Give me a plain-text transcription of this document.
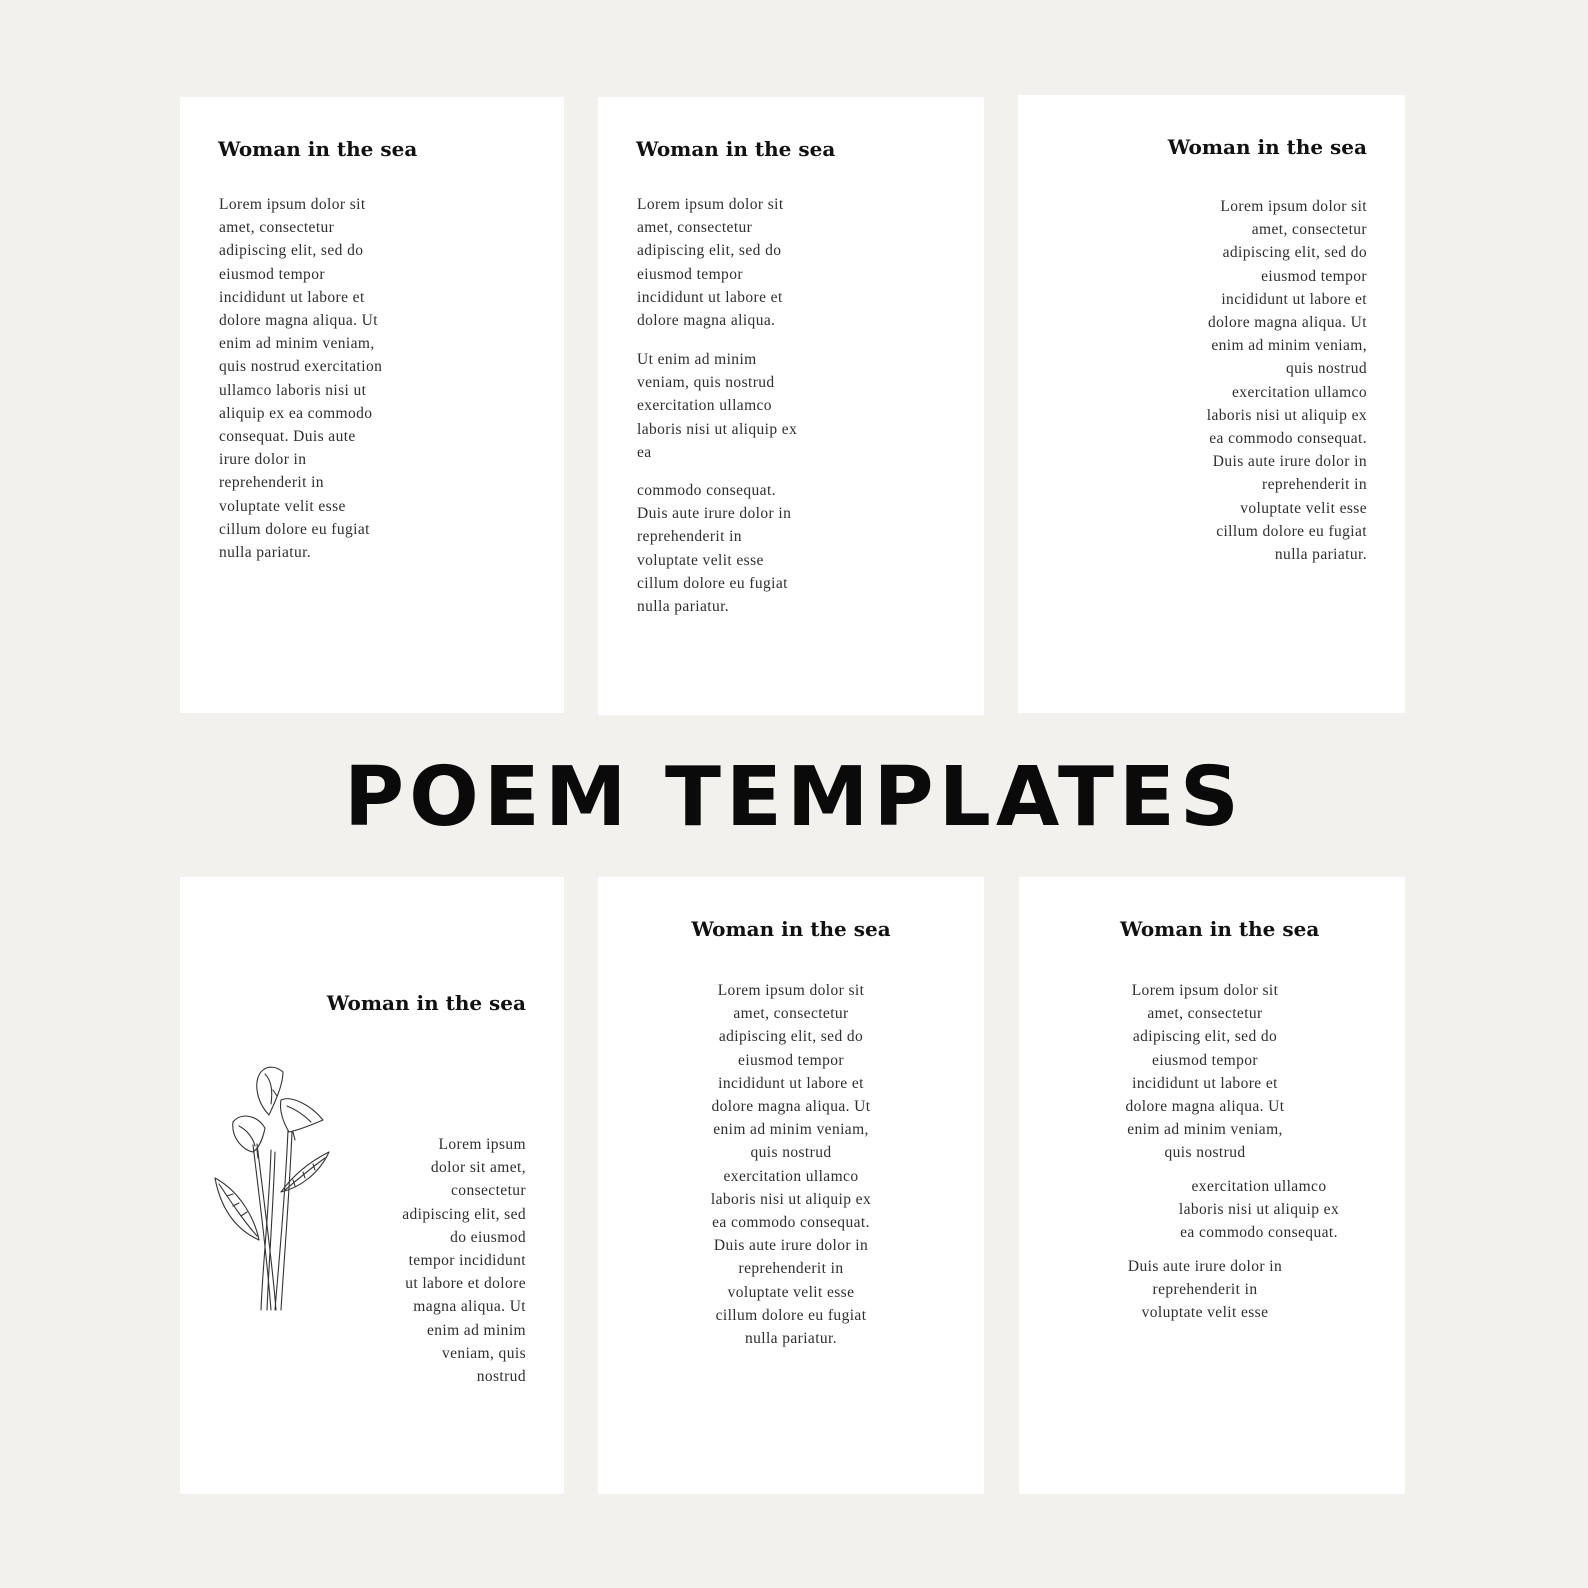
Woman in the sea

Lorem ipsum dolor sit
amet, consectetur
adipiscing elit, sed do
eiusmod tempor
incididunt ut labore et
dolore magna aliqua. Ut
enim ad minim veniam,
quis nostrud exercitation
ullamco laboris nisi ut
aliquip ex ea commodo
consequat. Duis aute
irure dolor in
reprehenderit in
voluptate velit esse
cillum dolore eu fugiat
nulla pariatur.

Woman in the sea

Lorem ipsum dolor sit
amet, consectetur
adipiscing elit, sed do
eiusmod tempor
incididunt ut labore et
dolore magna aliqua.

Ut enim ad minim
veniam, quis nostrud
exercitation ullamco
laboris nisi ut aliquip ex
ea

commodo consequat.
Duis aute irure dolor in
reprehenderit in
voluptate velit esse
cillum dolore eu fugiat
nulla pariatur.

Woman in the sea

Lorem ipsum dolor sit
amet, consectetur
adipiscing elit, sed do
eiusmod tempor
incididunt ut labore et
dolore magna aliqua. Ut
enim ad minim veniam,
quis nostrud
exercitation ullamco
laboris nisi ut aliquip ex
ea commodo consequat.
Duis aute irure dolor in
reprehenderit in
voluptate velit esse
cillum dolore eu fugiat
nulla pariatur.

POEM TEMPLATES
Woman in the sea

Lorem ipsum
dolor sit amet,
consectetur
adipiscing elit, sed
do eiusmod
tempor incididunt
ut labore et dolore
magna aliqua. Ut
enim ad minim
veniam, quis
nostrud

Woman in the sea

Lorem ipsum dolor sit
amet, consectetur
adipiscing elit, sed do
eiusmod tempor
incididunt ut labore et
dolore magna aliqua. Ut
enim ad minim veniam,
quis nostrud
exercitation ullamco
laboris nisi ut aliquip ex
ea commodo consequat.
Duis aute irure dolor in
reprehenderit in
voluptate velit esse
cillum dolore eu fugiat
nulla pariatur.

Woman in the sea

Lorem ipsum dolor sit
amet, consectetur
adipiscing elit, sed do
eiusmod tempor
incididunt ut labore et
dolore magna aliqua. Ut
enim ad minim veniam,
quis nostrud

exercitation ullamco
laboris nisi ut aliquip ex
ea commodo consequat.

Duis aute irure dolor in
reprehenderit in
voluptate velit esse
